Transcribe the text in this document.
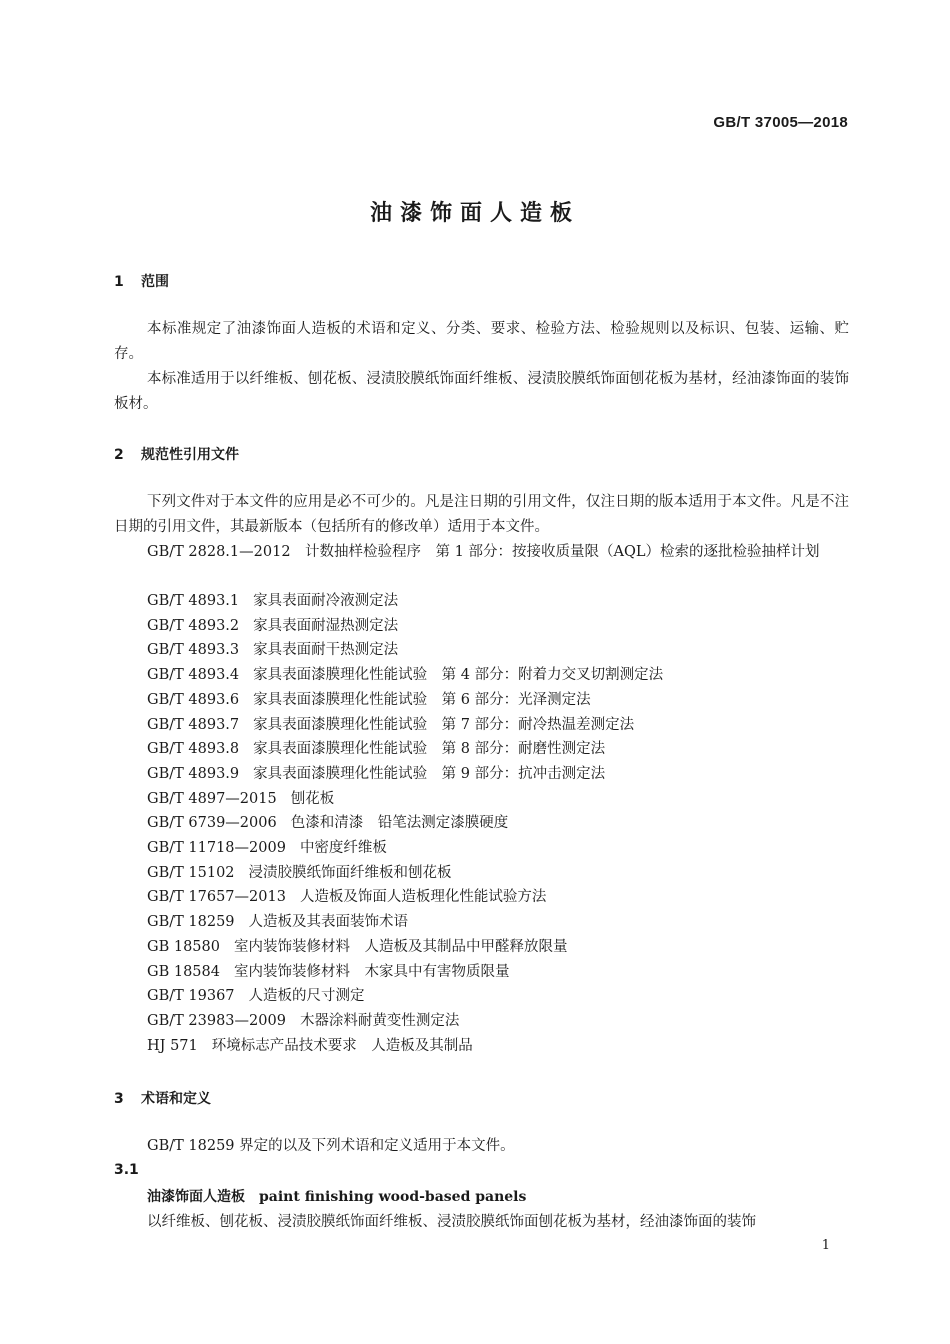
GB/T 37005—2018
油漆饰面人造板
1 范围

本标准规定了油漆饰面人造板的术语和定义、分类、要求、检验方法、检验规则以及标识、包装、运输、贮存。

本标准适用于以纤维板、刨花板、浸渍胶膜纸饰面纤维板、浸渍胶膜纸饰面刨花板为基材，经油漆饰面的装饰板材。

2 规范性引用文件

下列文件对于本文件的应用是必不可少的。凡是注日期的引用文件，仅注日期的版本适用于本文件。凡是不注日期的引用文件，其最新版本（包括所有的修改单）适用于本文件。

GB/T 2828.1—2012　计数抽样检验程序　第 1 部分：按接收质量限（AQL）检索的逐批检验抽样计划

GB/T 4893.1 家具表面耐冷液测定法
GB/T 4893.2 家具表面耐湿热测定法
GB/T 4893.3 家具表面耐干热测定法
GB/T 4893.4 家具表面漆膜理化性能试验　第 4 部分：附着力交叉切割测定法
GB/T 4893.6 家具表面漆膜理化性能试验　第 6 部分：光泽测定法
GB/T 4893.7 家具表面漆膜理化性能试验　第 7 部分：耐冷热温差测定法
GB/T 4893.8 家具表面漆膜理化性能试验　第 8 部分：耐磨性测定法
GB/T 4893.9 家具表面漆膜理化性能试验　第 9 部分：抗冲击测定法
GB/T 4897—2015 刨花板
GB/T 6739—2006 色漆和清漆　铅笔法测定漆膜硬度
GB/T 11718—2009 中密度纤维板
GB/T 15102 浸渍胶膜纸饰面纤维板和刨花板
GB/T 17657—2013 人造板及饰面人造板理化性能试验方法
GB/T 18259 人造板及其表面装饰术语
GB 18580 室内装饰装修材料　人造板及其制品中甲醛释放限量
GB 18584 室内装饰装修材料　木家具中有害物质限量
GB/T 19367 人造板的尺寸测定
GB/T 23983—2009 木器涂料耐黄变性测定法
HJ 571 环境标志产品技术要求　人造板及其制品
3 术语和定义

GB/T 18259 界定的以及下列术语和定义适用于本文件。

3.1
油漆饰面人造板 paint finishing wood-based panels

以纤维板、刨花板、浸渍胶膜纸饰面纤维板、浸渍胶膜纸饰面刨花板为基材，经油漆饰面的装饰

1
